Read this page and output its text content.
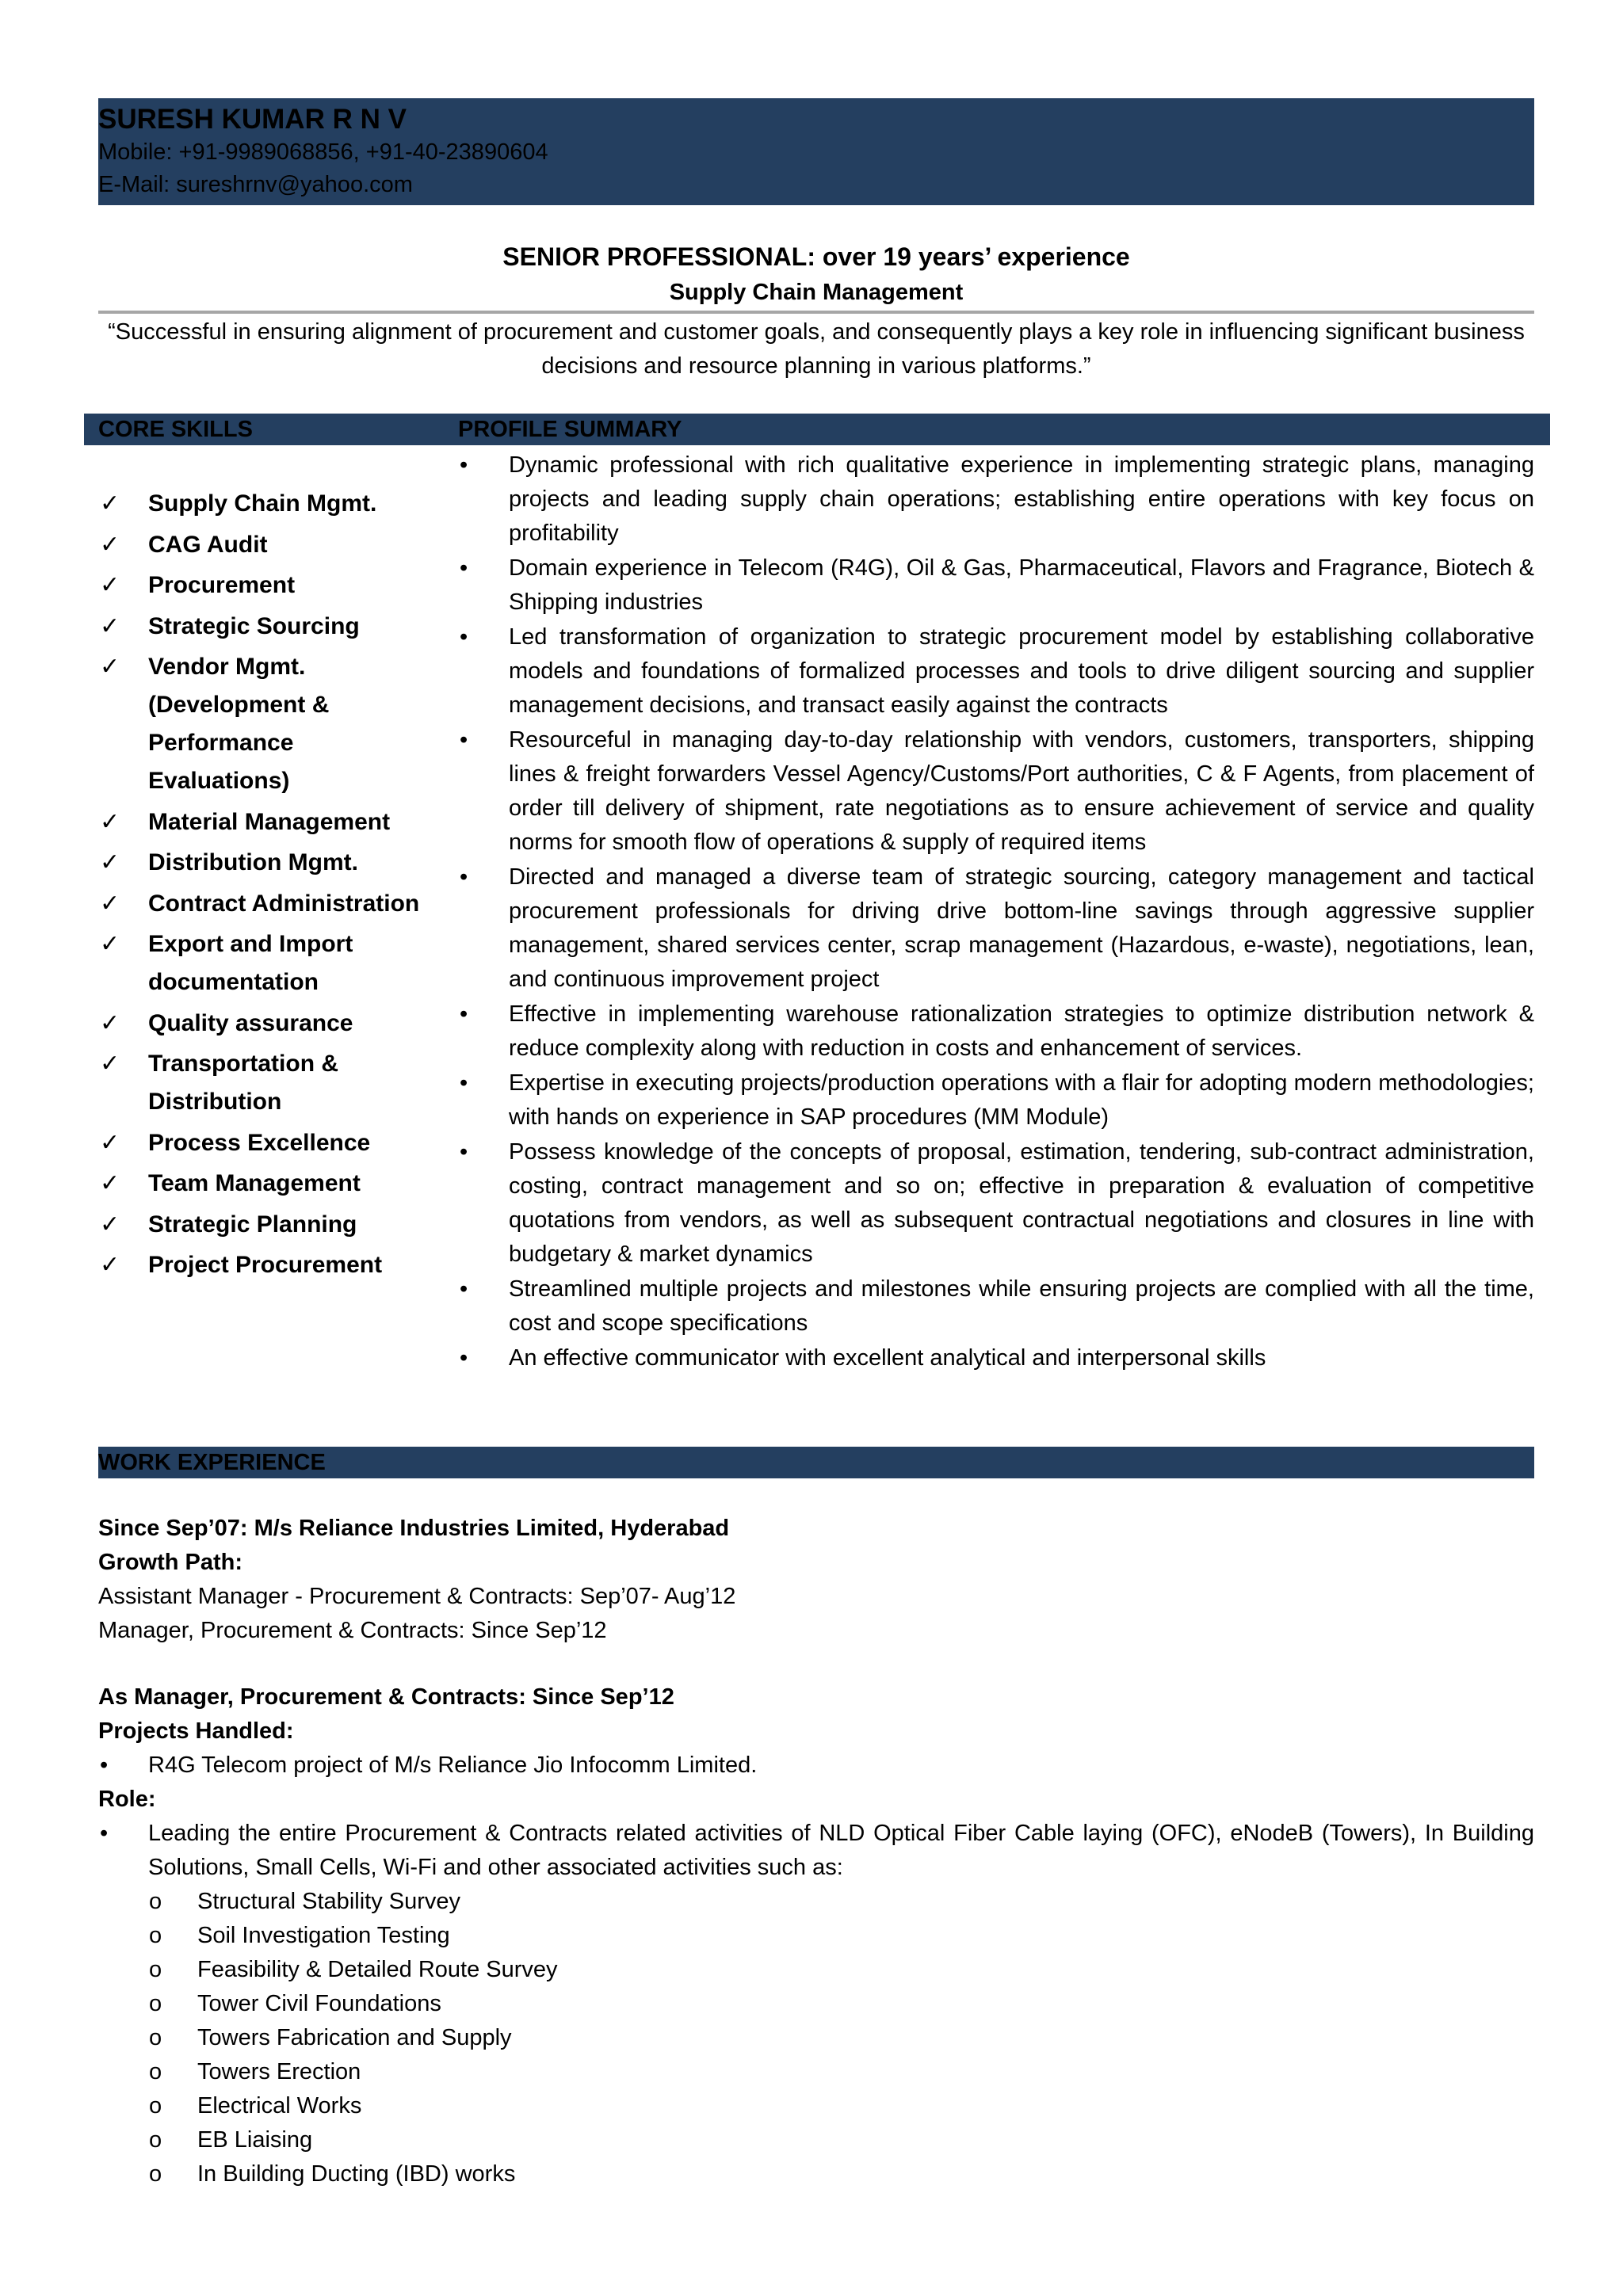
SURESH KUMAR R N V
Mobile: +91-9989068856, +91-40-23890604
E-Mail: sureshrnv@yahoo.com
SENIOR PROFESSIONAL: over 19 years’ experience
Supply Chain Management
“Successful in ensuring alignment of procurement and customer goals, and consequently plays a key role in influencing significant business decisions and resource planning in various platforms.”
CORE SKILLS	PROFILE SUMMARY
✓ Supply Chain Mgmt.
✓ CAG Audit
✓ Procurement
✓ Strategic Sourcing
✓ Vendor Mgmt. (Development & Performance Evaluations)
✓ Material Management
✓ Distribution Mgmt.
✓ Contract Administration
✓ Export and Import documentation
✓ Quality assurance
✓ Transportation & Distribution
✓ Process Excellence
✓ Team Management
✓ Strategic Planning
✓ Project Procurement
• Dynamic professional with rich qualitative experience in implementing strategic plans, managing projects and leading supply chain operations; establishing entire operations with key focus on profitability
• Domain experience in Telecom (R4G), Oil & Gas, Pharmaceutical, Flavors and Fragrance, Biotech & Shipping industries
• Led transformation of organization to strategic procurement model by establishing collaborative models and foundations of formalized processes and tools to drive diligent sourcing and supplier management decisions, and transact easily against the contracts
• Resourceful in managing day-to-day relationship with vendors, customers, transporters, shipping lines & freight forwarders Vessel Agency/Customs/Port authorities, C & F Agents, from placement of order till delivery of shipment, rate negotiations as to ensure achievement of service and quality norms for smooth flow of operations & supply of required items
• Directed and managed a diverse team of strategic sourcing, category management and tactical procurement professionals for driving drive bottom-line savings through aggressive supplier management, shared services center, scrap management (Hazardous, e-waste), negotiations, lean, and continuous improvement project
• Effective in implementing warehouse rationalization strategies to optimize distribution network & reduce complexity along with reduction in costs and enhancement of services.
• Expertise in executing projects/production operations with a flair for adopting modern methodologies; with hands on experience in SAP procedures (MM Module)
• Possess knowledge of the concepts of proposal, estimation, tendering, sub-contract administration, costing, contract management and so on; effective in preparation & evaluation of competitive quotations from vendors, as well as subsequent contractual negotiations and closures in line with budgetary & market dynamics
• Streamlined multiple projects and milestones while ensuring projects are complied with all the time, cost and scope specifications
• An effective communicator with excellent analytical and interpersonal skills
WORK EXPERIENCE
Since Sep’07: M/s Reliance Industries Limited, Hyderabad
Growth Path:
Assistant Manager - Procurement & Contracts: Sep’07- Aug’12
Manager, Procurement & Contracts: Since Sep’12
As Manager, Procurement & Contracts: Since Sep’12
Projects Handled:
• R4G Telecom project of M/s Reliance Jio Infocomm Limited.
Role:
• Leading the entire Procurement & Contracts related activities of NLD Optical Fiber Cable laying (OFC), eNodeB (Towers), In Building Solutions, Small Cells, Wi-Fi and other associated activities such as:
o Structural Stability Survey
o Soil Investigation Testing
o Feasibility & Detailed Route Survey
o Tower Civil Foundations
o Towers Fabrication and Supply
o Towers Erection
o Electrical Works
o EB Liaising
o In Building Ducting (IBD) works
